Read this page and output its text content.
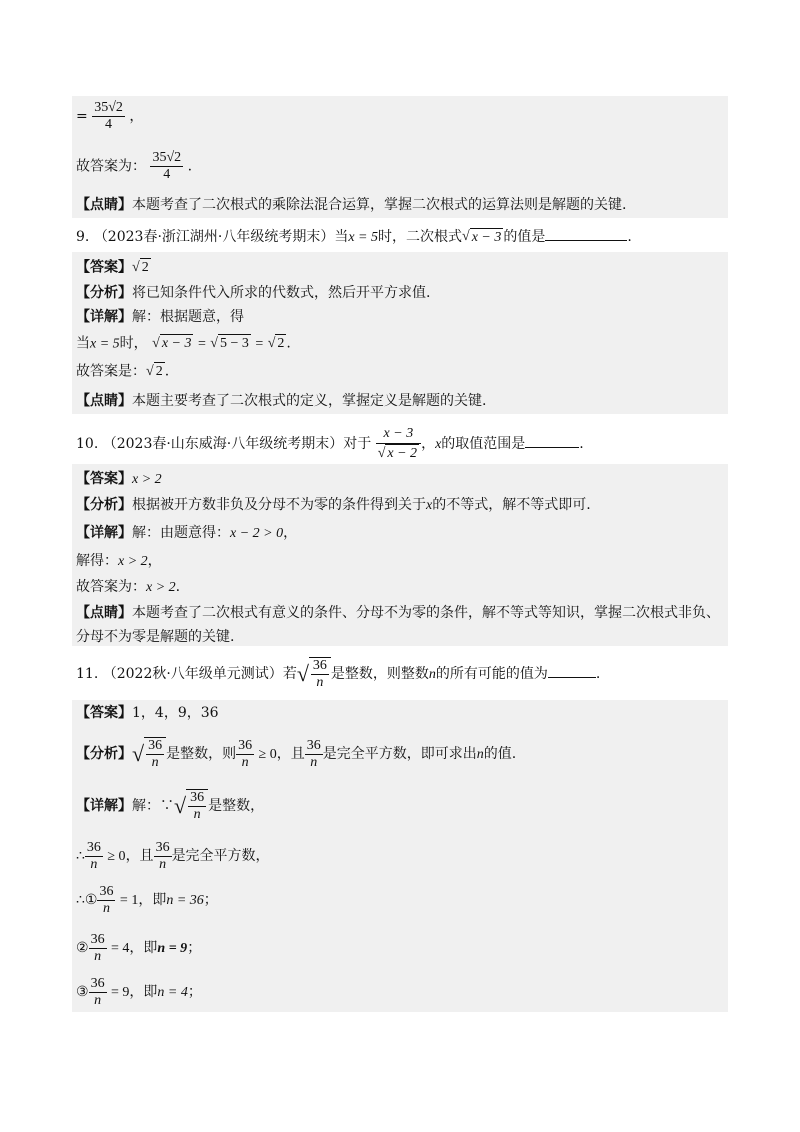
= $\frac{35√2}{4}$ ，
故答案为： $\frac{35√2}{4}$ .
【点睛】本题考查了二次根式的乘除法混合运算，掌握二次根式的运算法则是解题的关键.
9. （2023春·浙江湖州·八年级统考期末）当x = 5时，二次根式√ x − 3 的值是	.
【答案】√ 2
【分析】将已知条件代入所求的代数式，然后开平方求值.
【详解】解：根据题意，得
当x = 5时， √ x − 3 = √ 5 − 3 = √ 2 .
故答案是：√ 2 .
【点睛】本题主要考查了二次根式的定义，掌握定义是解题的关键.
10. （2023春·山东威海·八年级统考期末）对于 $\frac{x - 3}{√ x - 2}$ ，x的取值范围是	.
【答案】x > 2
【分析】根据被开方数非负及分母不为零的条件得到关于x的不等式，解不等式即可.
【详解】解：由题意得：x − 2 > 0，
解得：x > 2，
故答案为：x > 2.
【点睛】本题考查了二次根式有意义的条件、分母不为零的条件，解不等式等知识，掌握二次根式非负、
分母不为零是解题的关键.
11. （2022秋·八年级单元测试）若√ $\frac{36}{n}$ 是整数，则整数n的所有可能的值为	.
【答案】1，4，9，36
【分析】√ $\frac{36}{n}$ 是整数，则 $\frac{36}{n} \ge 0$，且 $\frac{36}{n}$ 是完全平方数，即可求出n的值.
【详解】解：∵√ $\frac{36}{n}$ 是整数，
∴ $\frac{36}{n} \ge 0$，且 $\frac{36}{n}$ 是完全平方数，
∴① $\frac{36}{n} = 1$，即n = 36；
② $\frac{36}{n} = 4$，即n = 9；
③ $\frac{36}{n} = 9$，即n = 4；
